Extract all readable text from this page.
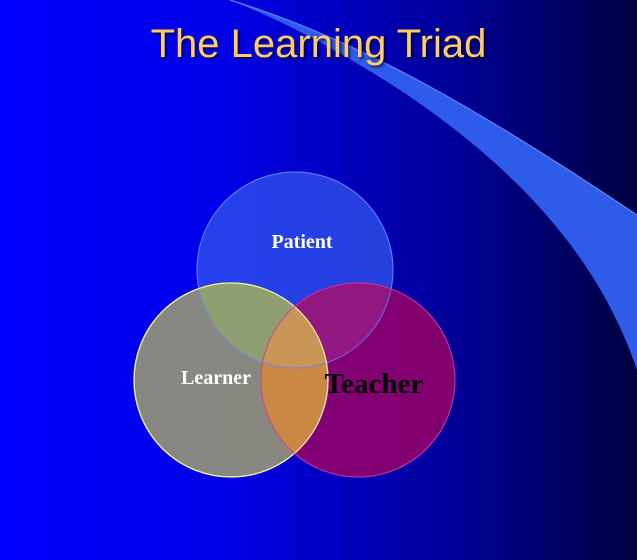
The Learning Triad
Patient
Learner	Teacher
